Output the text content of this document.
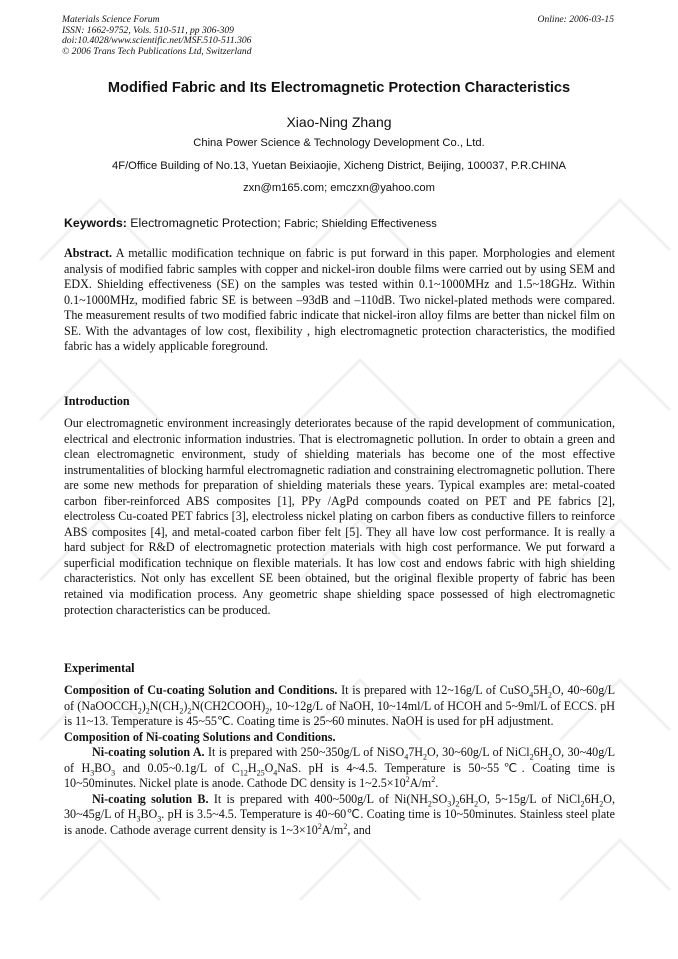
Materials Science Forum
ISSN: 1662-9752, Vols. 510-511, pp 306-309
doi:10.4028/www.scientific.net/MSF.510-511.306
© 2006 Trans Tech Publications Ltd, Switzerland
Online: 2006-03-15
Modified Fabric and Its Electromagnetic Protection Characteristics
Xiao-Ning Zhang
China Power Science & Technology Development Co., Ltd.
4F/Office Building of No.13, Yuetan Beixiaojie, Xicheng District, Beijing, 100037, P.R.CHINA
zxn@m165.com; emczxn@yahoo.com
Keywords: Electromagnetic Protection; Fabric; Shielding Effectiveness

Abstract. A metallic modification technique on fabric is put forward in this paper. Morphologies and element analysis of modified fabric samples with copper and nickel-iron double films were carried out by using SEM and EDX. Shielding effectiveness (SE) on the samples was tested within 0.1~1000MHz and 1.5~18GHz. Within 0.1~1000MHz, modified fabric SE is between –93dB and –110dB. Two nickel-plated methods were compared. The measurement results of two modified fabric indicate that nickel-iron alloy films are better than nickel film on SE. With the advantages of low cost, flexibility , high electromagnetic protection characteristics, the modified fabric has a widely applicable foreground.

Introduction
Our electromagnetic environment increasingly deteriorates because of the rapid development of communication, electrical and electronic information industries. That is electromagnetic pollution. In order to obtain a green and clean electromagnetic environment, study of shielding materials has become one of the most effective instrumentalities of blocking harmful electromagnetic radiation and constraining electromagnetic pollution. There are some new methods for preparation of shielding materials these years. Typical examples are: metal-coated carbon fiber-reinforced ABS composites [1], PPy /AgPd compounds coated on PET and PE fabrics [2], electroless Cu-coated PET fabrics [3], electroless nickel plating on carbon fibers as conductive fillers to reinforce ABS composites [4], and metal-coated carbon fiber felt [5]. They all have low cost performance. It is really a hard subject for R&D of electromagnetic protection materials with high cost performance. We put forward a superficial modification technique on flexible materials. It has low cost and endows fabric with high shielding characteristics. Not only has excellent SE been obtained, but the original flexible property of fabric has been retained via modification process. Any geometric shape shielding space possessed of high electromagnetic protection characteristics can be produced.
Experimental

Composition of Cu-coating Solution and Conditions. It is prepared with 12~16g/L of $CuSO_45H_2O$, 40~60g/L of $(NaOOCCH_2)_2N(CH_2)_2N(CH2COOH)_2$, 10~12g/L of NaOH, 10~14ml/L of HCOH and 5~9ml/L of ECCS. pH is 11~13. Temperature is 45~55℃. Coating time is 25~60 minutes. NaOH is used for pH adjustment.

Composition of Ni-coating Solutions and Conditions.

Ni-coating solution A. It is prepared with 250~350g/L of $NiSO_47H_2O$, 30~60g/L of $NiCl_26H_2O$, 30~40g/L of $H_3BO_3$ and 0.05~0.1g/L of $C_{12}H_{25}O_4NaS$. pH is 4~4.5. Temperature is 50~55℃. Coating time is 10~50minutes. Nickel plate is anode. Cathode DC density is $1\sim 2.5\times 10^2A/m^2$.

Ni-coating solution B. It is prepared with 400~500g/L of $Ni(NH_2SO_3)_26H_2O$, 5~15g/L of $NiCl_26H_2O$, 30~45g/L of $H_3BO_3$. pH is 3.5~4.5. Temperature is 40~60℃. Coating time is 10~50minutes. Stainless steel plate is anode. Cathode average current density is $1\sim 3\times 10^2A/m^2$, and
